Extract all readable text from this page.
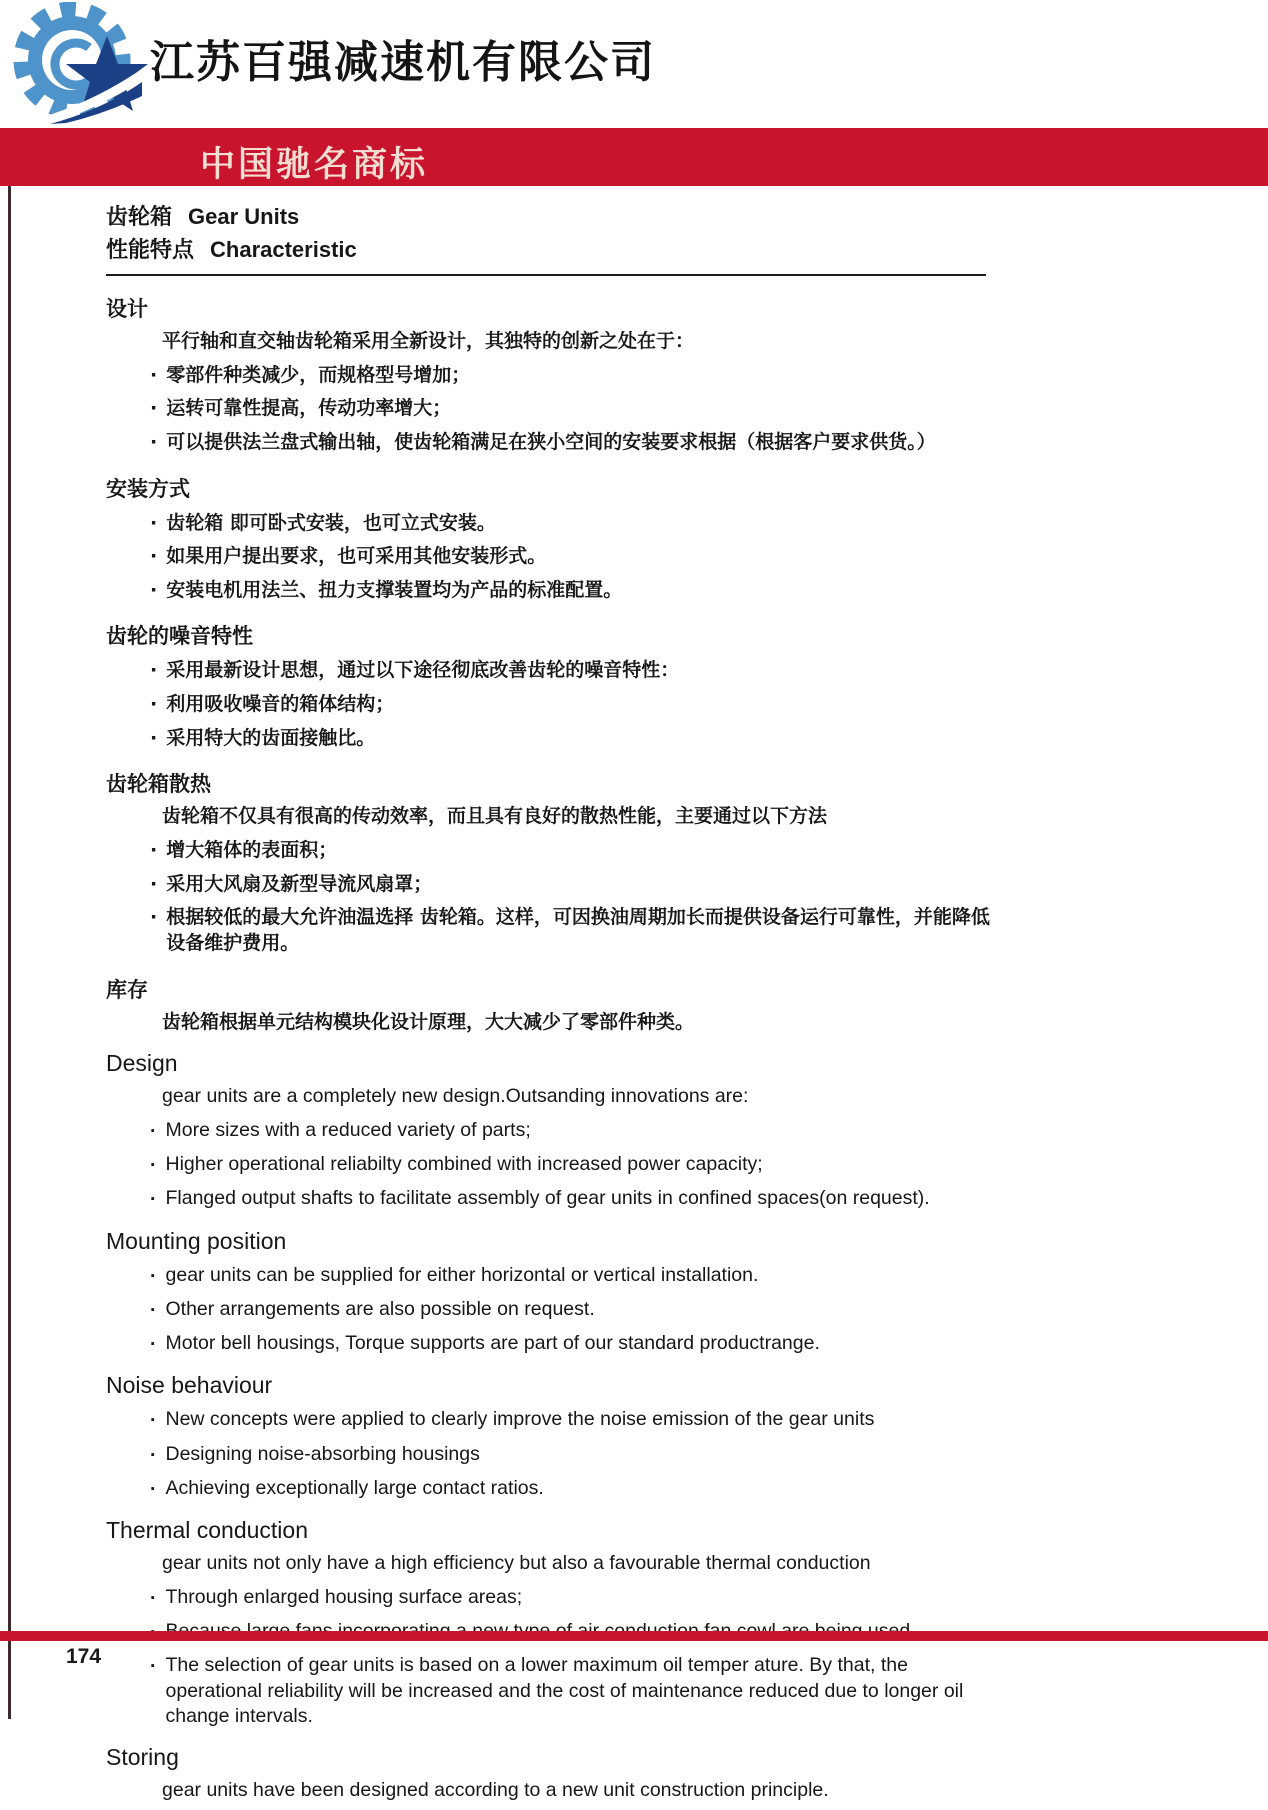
江苏百强减速机有限公司
中国驰名商标
齿轮箱 Gear Units
性能特点 Characteristic
设计
平行轴和直交轴齿轮箱采用全新设计，其独特的创新之处在于：
· 零部件种类减少，而规格型号增加；
· 运转可靠性提高，传动功率增大；
· 可以提供法兰盘式输出轴，使齿轮箱满足在狭小空间的安装要求根据（根据客户要求供货。）
安装方式
· 齿轮箱 即可卧式安装，也可立式安装。
· 如果用户提出要求，也可采用其他安装形式。
· 安装电机用法兰、扭力支撑装置均为产品的标准配置。
齿轮的噪音特性
· 采用最新设计思想，通过以下途径彻底改善齿轮的噪音特性：
· 利用吸收噪音的箱体结构；
· 采用特大的齿面接触比。
齿轮箱散热
齿轮箱不仅具有很高的传动效率，而且具有良好的散热性能，主要通过以下方法
· 增大箱体的表面积；
· 采用大风扇及新型导流风扇罩；
· 根据较低的最大允许油温选择 齿轮箱。这样，可因换油周期加长而提供设备运行可靠性，并能降低设备维护费用。
库存
齿轮箱根据单元结构模块化设计原理，大大减少了零部件种类。
Design
gear units are a completely new design.Outsanding innovations are:
· More sizes with a reduced variety of parts;
· Higher operational reliabilty combined with increased power capacity;
· Flanged output shafts to facilitate assembly of gear units in confined spaces(on request).
Mounting position
· gear units can be supplied for either horizontal or vertical installation.
· Other arrangements are also possible on request.
· Motor bell housings, Torque supports are part of our standard productrange.
Noise behaviour
· New concepts were applied to clearly improve the noise emission of the gear units
· Designing noise-absorbing housings
· Achieving exceptionally large contact ratios.
Thermal conduction
gear units not only have a high efficiency but also a favourable thermal conduction
· Through enlarged housing surface areas;
· The selection of gear units is based on a lower maximum oil temper ature. By that, the operational reliability will be increased and the cost of maintenance reduced due to longer oil change intervals.
Storing
gear units have been designed according to a new unit construction principle.
174
